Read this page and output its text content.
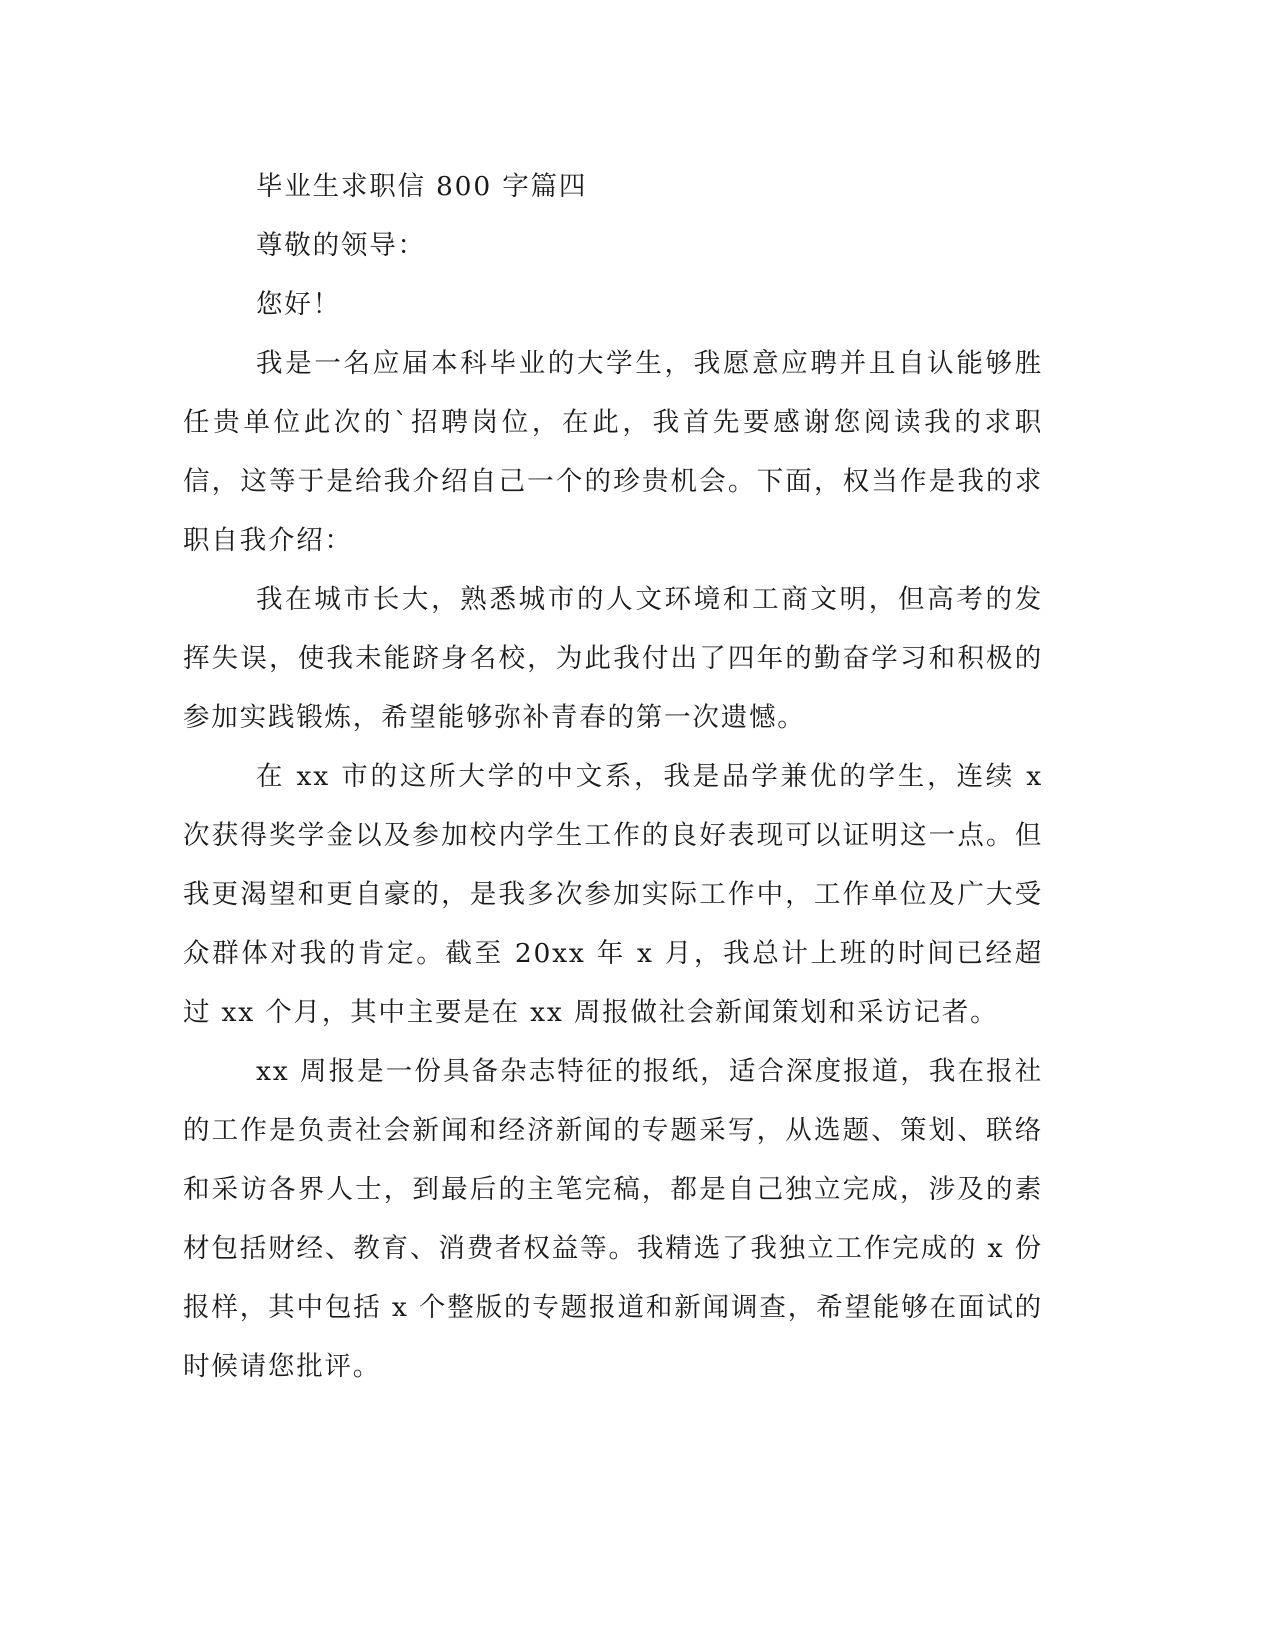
毕业生求职信 800 字篇四

尊敬的领导：

您好！

我是一名应届本科毕业的大学生，我愿意应聘并且自认能够胜任贵单位此次的`招聘岗位，在此，我首先要感谢您阅读我的求职信，这等于是给我介绍自己一个的珍贵机会。下面，权当作是我的求职自我介绍：

我在城市长大，熟悉城市的人文环境和工商文明，但高考的发挥失误，使我未能跻身名校，为此我付出了四年的勤奋学习和积极的参加实践锻炼，希望能够弥补青春的第一次遗憾。

在 xx 市的这所大学的中文系，我是品学兼优的学生，连续 x 次获得奖学金以及参加校内学生工作的良好表现可以证明这一点。但我更渴望和更自豪的，是我多次参加实际工作中，工作单位及广大受众群体对我的肯定。截至 20xx 年 x 月，我总计上班的时间已经超过 xx 个月，其中主要是在 xx 周报做社会新闻策划和采访记者。

xx 周报是一份具备杂志特征的报纸，适合深度报道，我在报社的工作是负责社会新闻和经济新闻的专题采写，从选题、策划、联络和采访各界人士，到最后的主笔完稿，都是自己独立完成，涉及的素材包括财经、教育、消费者权益等。我精选了我独立工作完成的 x 份报样，其中包括 x 个整版的专题报道和新闻调查，希望能够在面试的时候请您批评。
